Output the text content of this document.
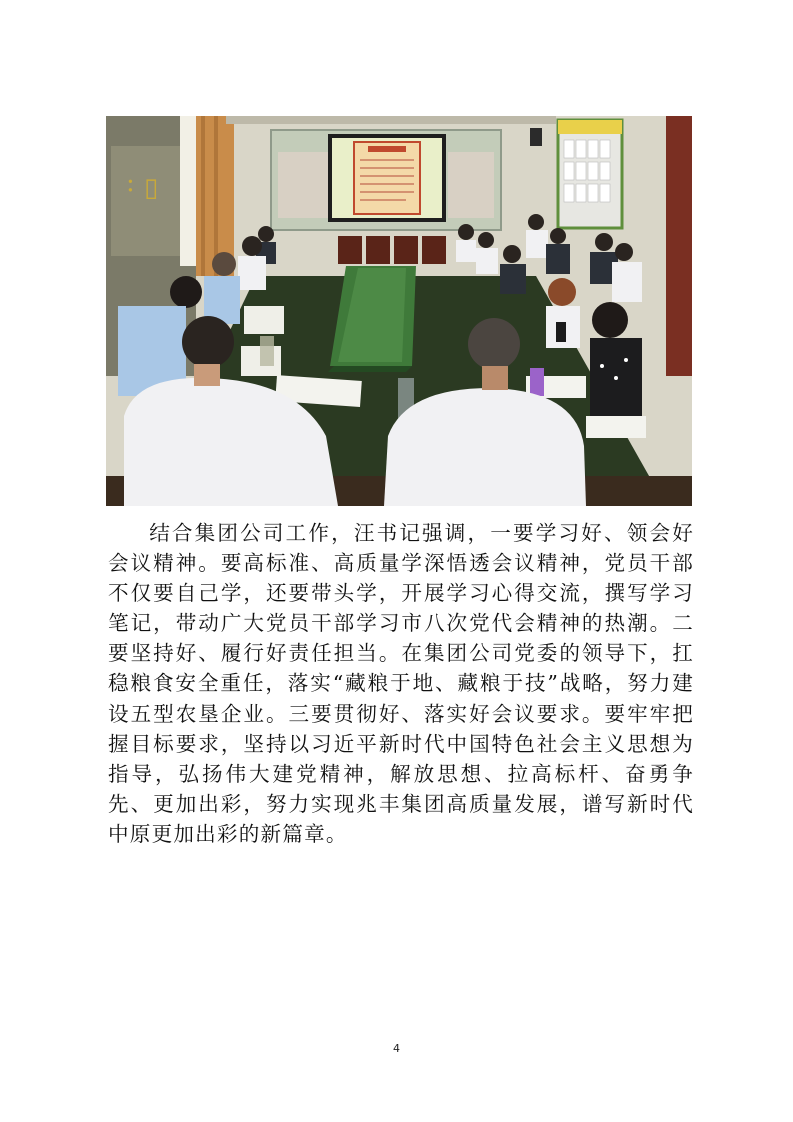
: ▯

结合集团公司工作，汪书记强调，一要学习好、领会好会议精神。要高标准、高质量学深悟透会议精神，党员干部不仅要自己学，还要带头学，开展学习心得交流，撰写学习笔记，带动广大党员干部学习市八次党代会精神的热潮。二要坚持好、履行好责任担当。在集团公司党委的领导下，扛稳粮食安全重任，落实“藏粮于地、藏粮于技”战略，努力建设五型农垦企业。三要贯彻好、落实好会议要求。要牢牢把握目标要求，坚持以习近平新时代中国特色社会主义思想为指导，弘扬伟大建党精神，解放思想、拉高标杆、奋勇争先、更加出彩，努力实现兆丰集团高质量发展，谱写新时代中原更加出彩的新篇章。

4
